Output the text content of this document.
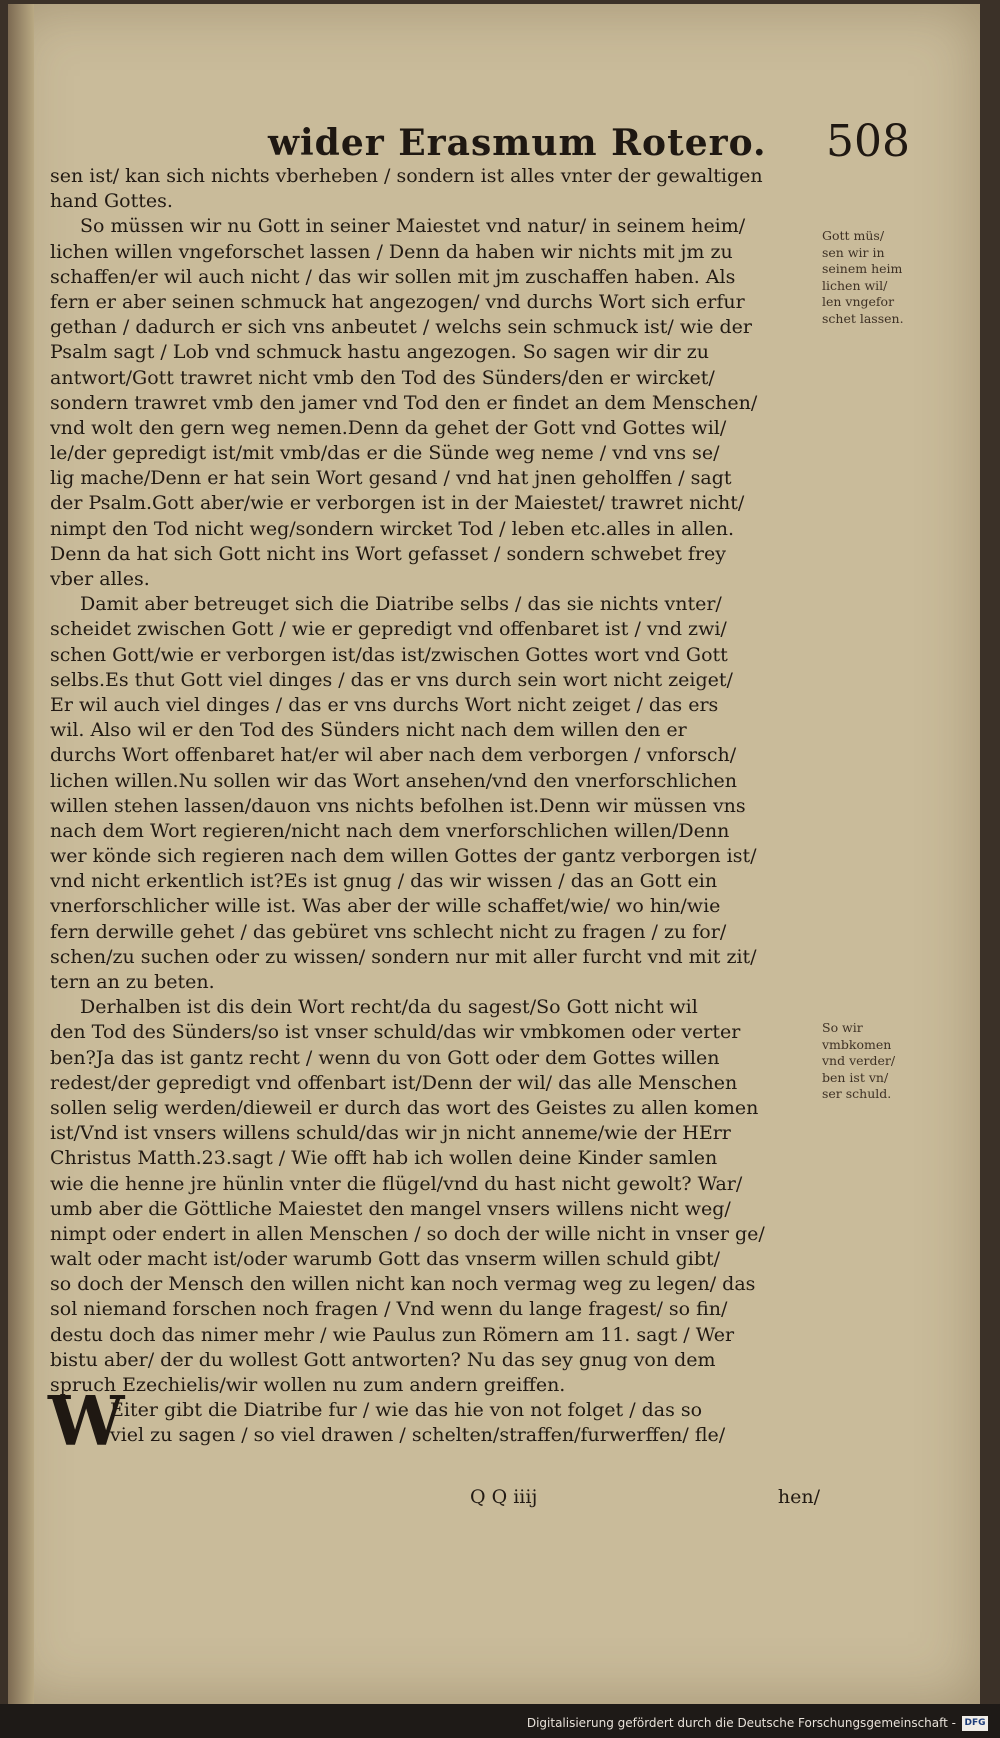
wider Erasmum Rotero. 508
sen ist/ kan sich nichts vberheben / sondern ist alles vnter der gewaltigen
hand Gottes.
So müssen wir nu Gott in seiner Maiestet vnd natur/ in seinem heim/
lichen willen vngeforschet lassen / Denn da haben wir nichts mit jm zu
schaffen/er wil auch nicht / das wir sollen mit jm zuschaffen haben. Als
fern er aber seinen schmuck hat angezogen/ vnd durchs Wort sich erfur
gethan / dadurch er sich vns anbeutet / welchs sein schmuck ist/ wie der
Psalm sagt / Lob vnd schmuck hastu angezogen. So sagen wir dir zu
antwort/Gott trawret nicht vmb den Tod des Sünders/den er wircket/
sondern trawret vmb den jamer vnd Tod den er findet an dem Menschen/
vnd wolt den gern weg nemen.Denn da gehet der Gott vnd Gottes wil/
le/der gepredigt ist/mit vmb/das er die Sünde weg neme / vnd vns se/
lig mache/Denn er hat sein Wort gesand / vnd hat jnen geholffen / sagt
der Psalm.Gott aber/wie er verborgen ist in der Maiestet/ trawret nicht/
nimpt den Tod nicht weg/sondern wircket Tod / leben etc.alles in allen.
Denn da hat sich Gott nicht ins Wort gefasset / sondern schwebet frey
vber alles.
Damit aber betreuget sich die Diatribe selbs / das sie nichts vnter/
scheidet zwischen Gott / wie er gepredigt vnd offenbaret ist / vnd zwi/
schen Gott/wie er verborgen ist/das ist/zwischen Gottes wort vnd Gott
selbs.Es thut Gott viel dinges / das er vns durch sein wort nicht zeiget/
Er wil auch viel dinges / das er vns durchs Wort nicht zeiget / das ers
wil. Also wil er den Tod des Sünders nicht nach dem willen den er
durchs Wort offenbaret hat/er wil aber nach dem verborgen / vnforsch/
lichen willen.Nu sollen wir das Wort ansehen/vnd den vnerforschlichen
willen stehen lassen/dauon vns nichts befolhen ist.Denn wir müssen vns
nach dem Wort regieren/nicht nach dem vnerforschlichen willen/Denn
wer könde sich regieren nach dem willen Gottes der gantz verborgen ist/
vnd nicht erkentlich ist?Es ist gnug / das wir wissen / das an Gott ein
vnerforschlicher wille ist. Was aber der wille schaffet/wie/ wo hin/wie
fern derwille gehet / das gebüret vns schlecht nicht zu fragen / zu for/
schen/zu suchen oder zu wissen/ sondern nur mit aller furcht vnd mit zit/
tern an zu beten.
Derhalben ist dis dein Wort recht/da du sagest/So Gott nicht wil
den Tod des Sünders/so ist vnser schuld/das wir vmbkomen oder verter
ben?Ja das ist gantz recht / wenn du von Gott oder dem Gottes willen
redest/der gepredigt vnd offenbart ist/Denn der wil/ das alle Menschen
sollen selig werden/dieweil er durch das wort des Geistes zu allen komen
ist/Vnd ist vnsers willens schuld/das wir jn nicht anneme/wie der HErr
Christus Matth.23.sagt / Wie offt hab ich wollen deine Kinder samlen
wie die henne jre hünlin vnter die flügel/vnd du hast nicht gewolt? War/
umb aber die Göttliche Maiestet den mangel vnsers willens nicht weg/
nimpt oder endert in allen Menschen / so doch der wille nicht in vnser ge/
walt oder macht ist/oder warumb Gott das vnserm willen schuld gibt/
so doch der Mensch den willen nicht kan noch vermag weg zu legen/ das
sol niemand forschen noch fragen / Vnd wenn du lange fragest/ so fin/
destu doch das nimer mehr / wie Paulus zun Römern am 11. sagt / Wer
bistu aber/ der du wollest Gott antworten? Nu das sey gnug von dem
spruch Ezechielis/wir wollen nu zum andern greiffen.
W
Eiter gibt die Diatribe fur / wie das hie von not folget / das so
viel zu sagen / so viel drawen / schelten/straffen/furwerffen/ fle/
Q Q iiij	hen/
Gott müs/
sen wir in
seinem heim
lichen wil/
len vngefor
schet lassen.
So wir
vmbkomen
vnd verder/
ben ist vn/
ser schuld.
Digitalisierung gefördert durch die Deutsche Forschungsgemeinschaft - DFG
